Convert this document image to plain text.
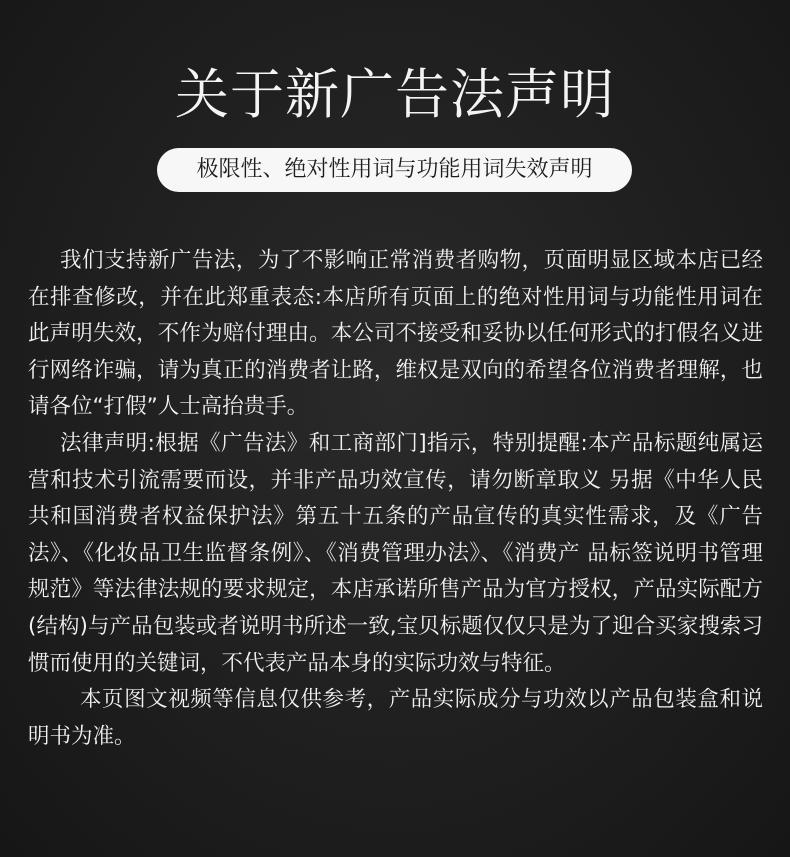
关于新广告法声明
极限性、绝对性用词与功能用词失效声明

我们支持新广告法，为了不影响正常消费者购物，页面明显区域本店已经在排查修改，并在此郑重表态:本店所有页面上的绝对性用词与功能性用词在此声明失效，不作为赔付理由。本公司不接受和妥协以任何形式的打假名义进行网络诈骗，请为真正的消费者让路，维权是双向的希望各位消费者理解，也请各位“打假”人士高抬贵手。

法律声明:根据《广告法》和工商部门]指示，特别提醒:本产品标题纯属运营和技术引流需要而设，并非产品功效宣传，请勿断章取义 另据《中华人民共和国消费者权益保护法》第五十五条的产品宣传的真实性需求，及《广告法》、《化妆品卫生监督条例》、《消费管理办法》、《消费产 品标签说明书管理规范》等法律法规的要求规定，本店承诺所售产品为官方授权，产品实际配方(结构)与产品包装或者说明书所述一致,宝贝标题仅仅只是为了迎合买家搜索习惯而使用的关键词，不代表产品本身的实际功效与特征。

本页图文视频等信息仅供参考，产品实际成分与功效以产品包装盒和说明书为准。
